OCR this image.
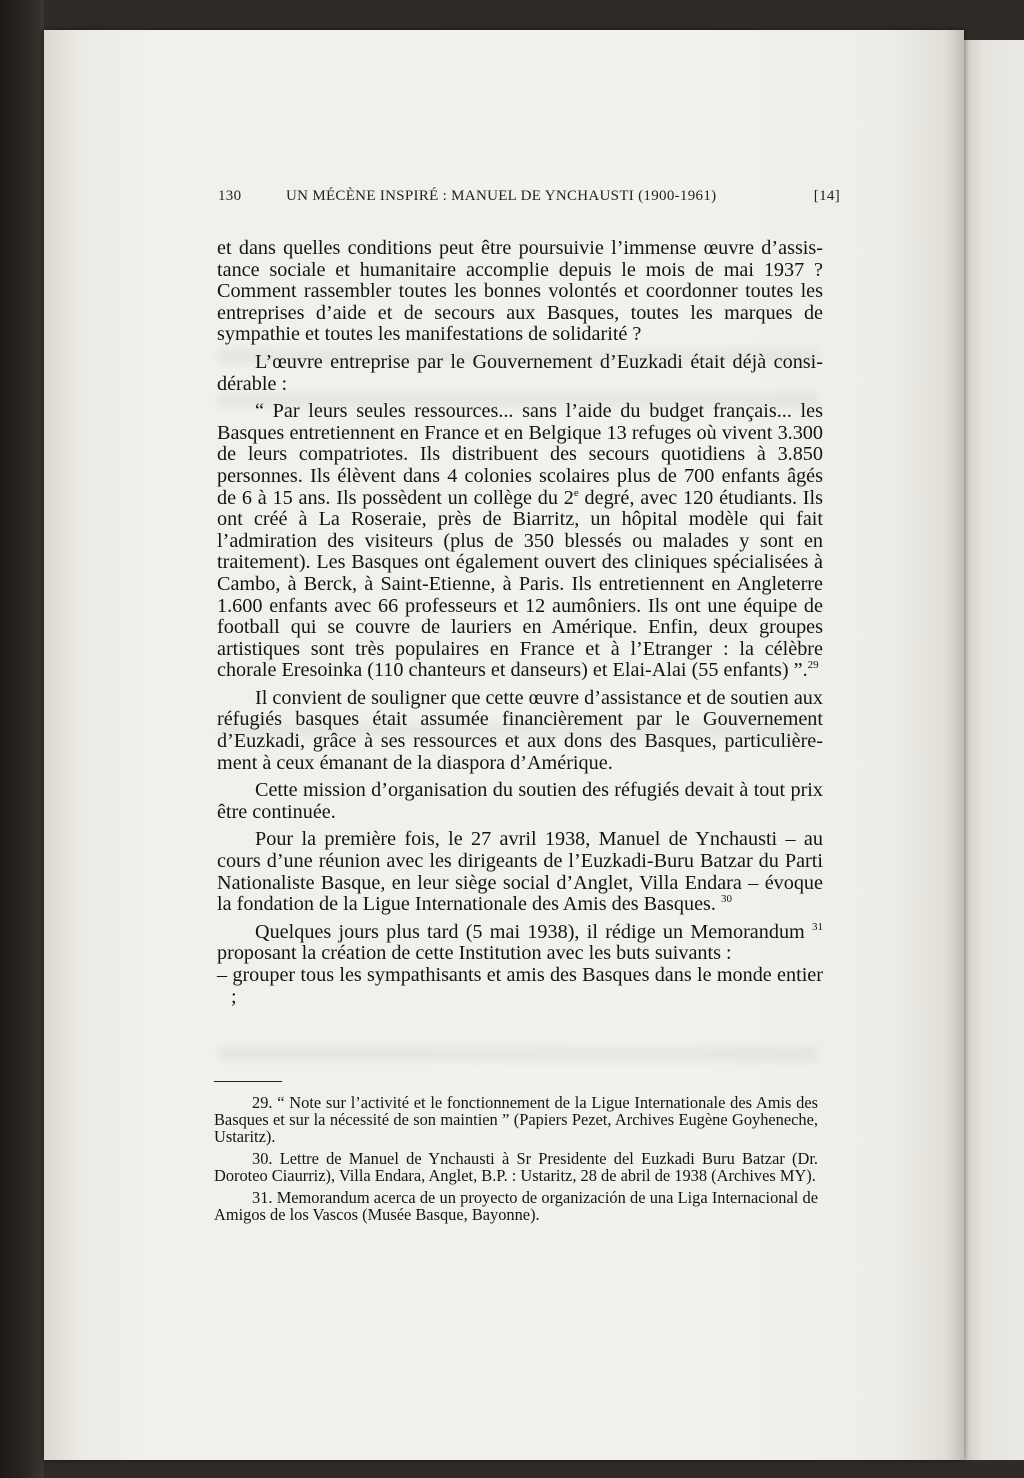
130	UN MÉCÈNE INSPIRÉ : MANUEL DE YNCHAUSTI (1900-1961)	[14]

et dans quelles conditions peut être poursuivie l’immense œuvre d’assistance sociale et humanitaire accomplie depuis le mois de mai 1937 ? Comment rassembler toutes les bonnes volontés et coordonner toutes les entreprises d’aide et de secours aux Basques, toutes les marques de sympathie et toutes les manifestations de solidarité ?

L’œuvre entreprise par le Gouvernement d’Euzkadi était déjà considérable :

“ Par leurs seules ressources... sans l’aide du budget français... les Basques entretiennent en France et en Belgique 13 refuges où vivent 3.300 de leurs compatriotes. Ils distribuent des secours quotidiens à 3.850 personnes. Ils élèvent dans 4 colonies scolaires plus de 700 enfants âgés de 6 à 15 ans. Ils possèdent un collège du 2e degré, avec 120 étudiants. Ils ont créé à La Roseraie, près de Biarritz, un hôpital modèle qui fait l’admiration des visiteurs (plus de 350 blessés ou malades y sont en traitement). Les Basques ont également ouvert des cliniques spécialisées à Cambo, à Berck, à Saint-Etienne, à Paris. Ils entretiennent en Angleterre 1.600 enfants avec 66 professeurs et 12 aumôniers. Ils ont une équipe de football qui se couvre de lauriers en Amérique. Enfin, deux groupes artistiques sont très populaires en France et à l’Etranger : la célèbre chorale Eresoinka (110 chanteurs et danseurs) et Elai-Alai (55 enfants) ”.$^{29}$

Il convient de souligner que cette œuvre d’assistance et de soutien aux réfugiés basques était assumée financièrement par le Gouvernement d’Euzkadi, grâce à ses ressources et aux dons des Basques, particulièrement à ceux émanant de la diaspora d’Amérique.

Cette mission d’organisation du soutien des réfugiés devait à tout prix être continuée.

Pour la première fois, le 27 avril 1938, Manuel de Ynchausti – au cours d’une réunion avec les dirigeants de l’Euzkadi-Buru Batzar du Parti Nationaliste Basque, en leur siège social d’Anglet, Villa Endara – évoque la fondation de la Ligue Internationale des Amis des Basques. $^{30}$

Quelques jours plus tard (5 mai 1938), il rédige un Memorandum $^{31}$ proposant la création de cette Institution avec les buts suivants :

– grouper tous les sympathisants et amis des Basques dans le monde entier ;

29. “ Note sur l’activité et le fonctionnement de la Ligue Internationale des Amis des Basques et sur la nécessité de son maintien ” (Papiers Pezet, Archives Eugène Goyheneche, Ustaritz).

30. Lettre de Manuel de Ynchausti à Sr Presidente del Euzkadi Buru Batzar (Dr. Doroteo Ciaurriz), Villa Endara, Anglet, B.P. : Ustaritz, 28 de abril de 1938 (Archives MY).

31. Memorandum acerca de un proyecto de organización de una Liga Internacional de Amigos de los Vascos (Musée Basque, Bayonne).
